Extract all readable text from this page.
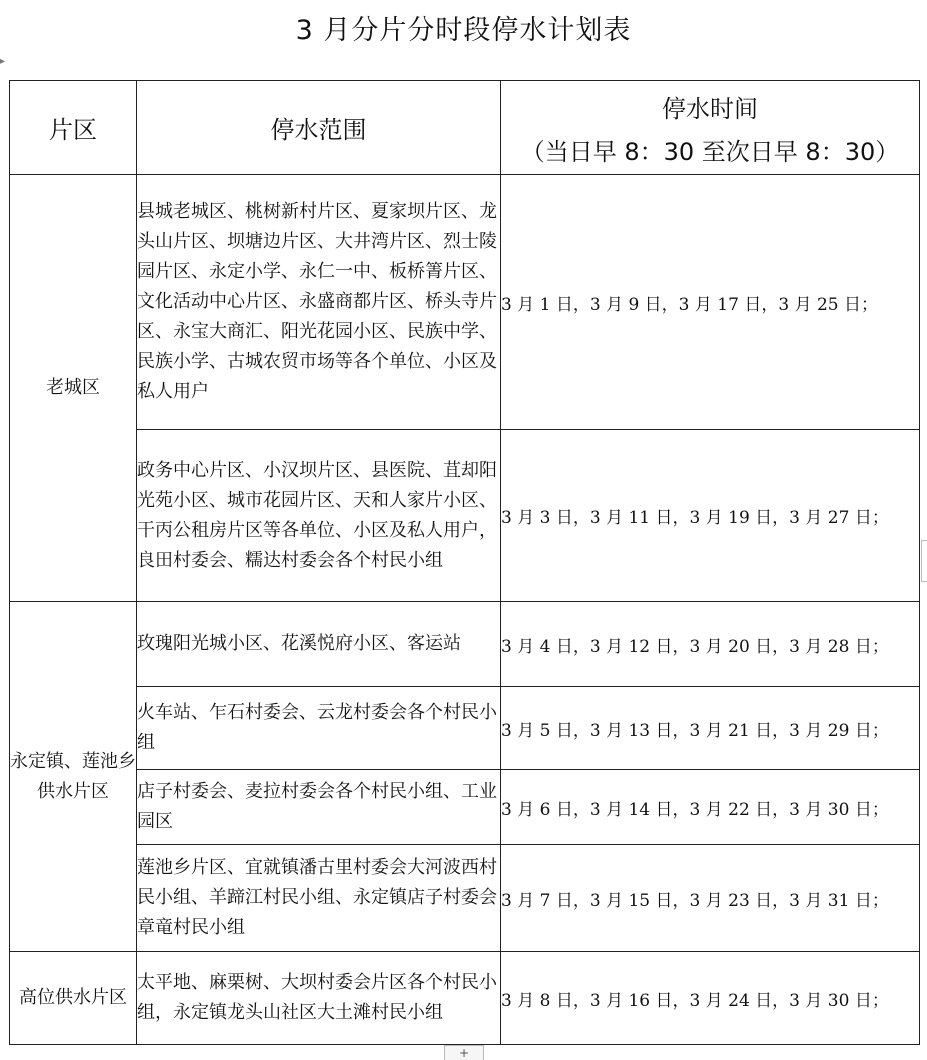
3 月分片分时段停水计划表
▸
片区	停水范围	停水时间
（当日早 8：30 至次日早 8：30）

老城区	县城老城区、桃树新村片区、夏家坝片区、龙头山片区、坝塘边片区、大井湾片区、烈士陵园片区、永定小学、永仁一中、板桥箐片区、文化活动中心片区、永盛商都片区、桥头寺片区、永宝大商汇、阳光花园小区、民族中学、民族小学、古城农贸市场等各个单位、小区及私人用户	3 月 1 日，3 月 9 日，3 月 17 日，3 月 25 日；
	政务中心片区、小汉坝片区、县医院、苴却阳光苑小区、城市花园片区、天和人家片小区、干丙公租房片区等各单位、小区及私人用户，良田村委会、糯达村委会各个村民小组	3 月 3 日，3 月 11 日，3 月 19 日，3 月 27 日；
永定镇、莲池乡供水片区	玫瑰阳光城小区、花溪悦府小区、客运站	3 月 4 日，3 月 12 日，3 月 20 日，3 月 28 日；
	火车站、乍石村委会、云龙村委会各个村民小组	3 月 5 日，3 月 13 日，3 月 21 日，3 月 29 日；
	店子村委会、麦拉村委会各个村民小组、工业园区	3 月 6 日，3 月 14 日，3 月 22 日，3 月 30 日；
	莲池乡片区、宜就镇潘古里村委会大河波西村民小组、羊蹄江村民小组、永定镇店子村委会章竜村民小组	3 月 7 日，3 月 15 日，3 月 23 日，3 月 31 日；
高位供水片区	太平地、麻栗树、大坝村委会片区各个村民小组，永定镇龙头山社区大土滩村民小组	3 月 8 日，3 月 16 日，3 月 24 日，3 月 30 日；
+
